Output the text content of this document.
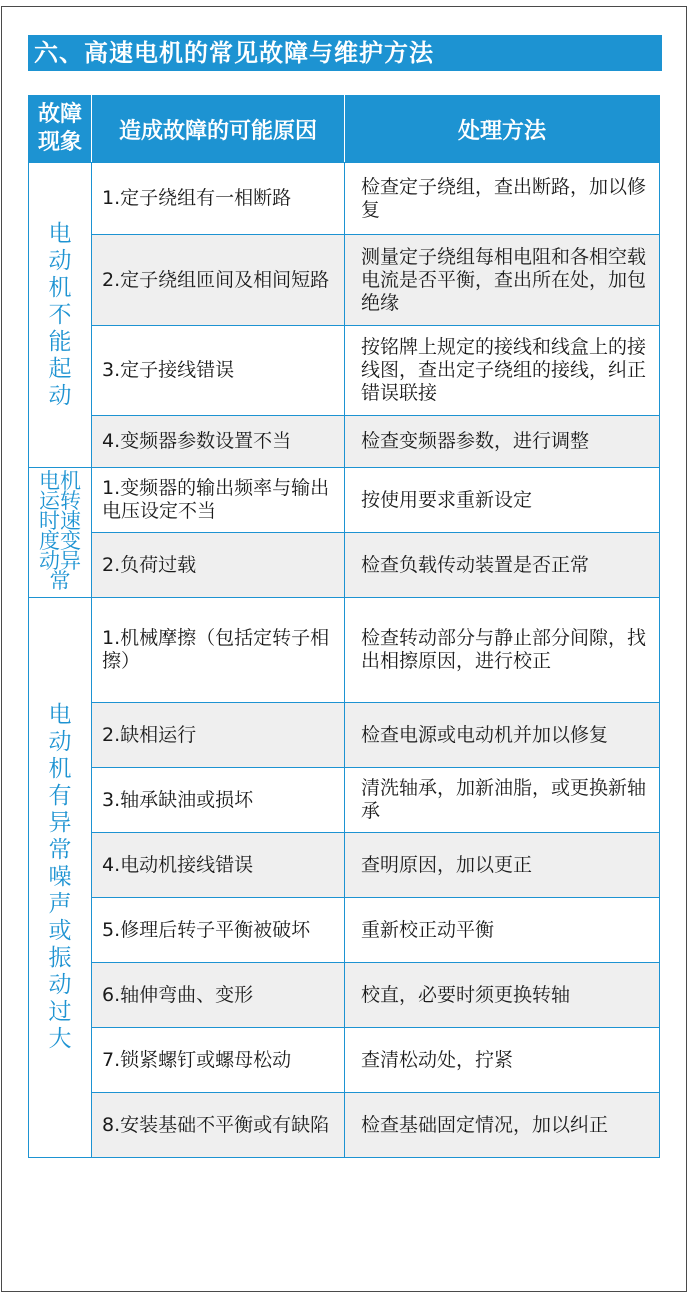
六、高速电机的常见故障与维护方法
故障现象	造成故障的可能原因	处理方法
电动机不能起动	1.定子绕组有一相断路	检查定子绕组，查出断路，加以修复
	2.定子绕组匝间及相间短路	测量定子绕组每相电阻和各相空载电流是否平衡，查出所在处，加包绝缘
	3.定子接线错误	按铭牌上规定的接线和线盒上的接线图，查出定子绕组的接线，纠正错误联接
	4.变频器参数设置不当	检查变频器参数，进行调整
电机运转时速度变动异常	1.变频器的输出频率与输出电压设定不当	按使用要求重新设定
	2.负荷过载	检查负载传动装置是否正常
电动机有异常噪声或振动过大	1.机械摩擦（包括定转子相擦）	检查转动部分与静止部分间隙，找出相擦原因，进行校正
	2.缺相运行	检查电源或电动机并加以修复
	3.轴承缺油或损坏	清洗轴承，加新油脂，或更换新轴承
	4.电动机接线错误	查明原因，加以更正
	5.修理后转子平衡被破坏	重新校正动平衡
	6.轴伸弯曲、变形	校直，必要时须更换转轴
	7.锁紧螺钉或螺母松动	查清松动处，拧紧
	8.安装基础不平衡或有缺陷	检查基础固定情况，加以纠正
